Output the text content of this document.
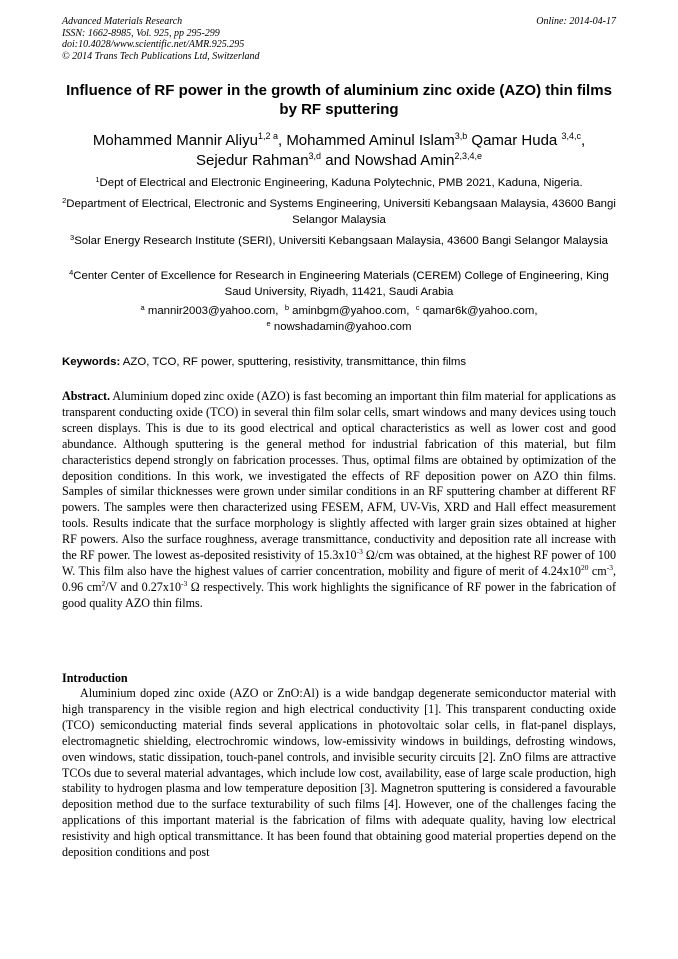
Advanced Materials Research
ISSN: 1662-8985, Vol. 925, pp 295-299
doi:10.4028/www.scientific.net/AMR.925.295
© 2014 Trans Tech Publications Ltd, Switzerland
Online: 2014-04-17
Influence of RF power in the growth of aluminium zinc oxide (AZO) thin films by RF sputtering
Mohammed Mannir Aliyu$^{1,2 a}$, Mohammed Aminul Islam$^{3,b}$ Qamar Huda $^{3,4,c}$,
Sejedur Rahman$^{3,d}$ and Nowshad Amin$^{2,3,4,e}$
$^1$Dept of Electrical and Electronic Engineering, Kaduna Polytechnic, PMB 2021, Kaduna, Nigeria.
$^2$Department of Electrical, Electronic and Systems Engineering, Universiti Kebangsaan Malaysia, 43600 Bangi Selangor Malaysia
$^3$Solar Energy Research Institute (SERI), Universiti Kebangsaan Malaysia, 43600 Bangi Selangor Malaysia
$^4$Center Center of Excellence for Research in Engineering Materials (CEREM) College of Engineering, King Saud University, Riyadh, 11421, Saudi Arabia
$^a$ mannir2003@yahoo.com, $^b$ aminbgm@yahoo.com, $^c$ qamar6k@yahoo.com,
$^e$ nowshadamin@yahoo.com
Keywords: AZO, TCO, RF power, sputtering, resistivity, transmittance, thin films
Abstract. Aluminium doped zinc oxide (AZO) is fast becoming an important thin film material for applications as transparent conducting oxide (TCO) in several thin film solar cells, smart windows and many devices using touch screen displays. This is due to its good electrical and optical characteristics as well as lower cost and good abundance. Although sputtering is the general method for industrial fabrication of this material, but film characteristics depend strongly on fabrication processes. Thus, optimal films are obtained by optimization of the deposition conditions. In this work, we investigated the effects of RF deposition power on AZO thin films. Samples of similar thicknesses were grown under similar conditions in an RF sputtering chamber at different RF powers. The samples were then characterized using FESEM, AFM, UV-Vis, XRD and Hall effect measurement tools. Results indicate that the surface morphology is slightly affected with larger grain sizes obtained at higher RF powers. Also the surface roughness, average transmittance, conductivity and deposition rate all increase with the RF power. The lowest as-deposited resistivity of $15.3x10^{-3}$ Ω/cm was obtained, at the highest RF power of 100 W. This film also have the highest values of carrier concentration, mobility and figure of merit of $4.24x10^{20}$ $cm^{-3}$, 0.96 $cm^2/V$ and $0.27x10^{-3}$ Ω respectively. This work highlights the significance of RF power in the fabrication of good quality AZO thin films.
Introduction
Aluminium doped zinc oxide (AZO or ZnO:Al) is a wide bandgap degenerate semiconductor material with high transparency in the visible region and high electrical conductivity [1]. This transparent conducting oxide (TCO) semiconducting material finds several applications in photovoltaic solar cells, in flat-panel displays, electromagnetic shielding, electrochromic windows, low-emissivity windows in buildings, defrosting windows, oven windows, static dissipation, touch-panel controls, and invisible security circuits [2]. ZnO films are attractive TCOs due to several material advantages, which include low cost, availability, ease of large scale production, high stability to hydrogen plasma and low temperature deposition [3]. Magnetron sputtering is considered a favourable deposition method due to the surface texturability of such films [4]. However, one of the challenges facing the applications of this important material is the fabrication of films with adequate quality, having low electrical resistivity and high optical transmittance. It has been found that obtaining good material properties depend on the deposition conditions and post
